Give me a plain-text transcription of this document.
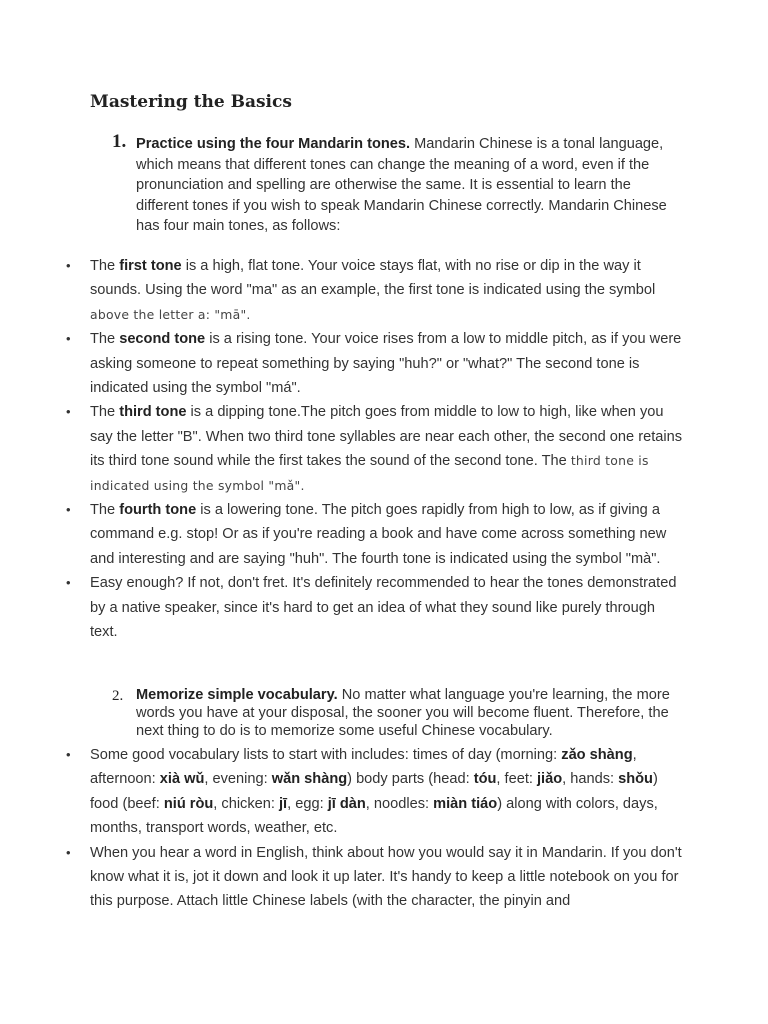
Mastering the Basics
1. Practice using the four Mandarin tones. Mandarin Chinese is a tonal language, which means that different tones can change the meaning of a word, even if the pronunciation and spelling are otherwise the same. It is essential to learn the different tones if you wish to speak Mandarin Chinese correctly. Mandarin Chinese has four main tones, as follows:
• The first tone is a high, flat tone. Your voice stays flat, with no rise or dip in the way it sounds. Using the word "ma" as an example, the first tone is indicated using the symbol above the letter a: "mā".
• The second tone is a rising tone. Your voice rises from a low to middle pitch, as if you were asking someone to repeat something by saying "huh?" or "what?" The second tone is indicated using the symbol "má".
• The third tone is a dipping tone.The pitch goes from middle to low to high, like when you say the letter "B". When two third tone syllables are near each other, the second one retains its third tone sound while the first takes the sound of the second tone. The third tone is indicated using the symbol "mǎ".
• The fourth tone is a lowering tone. The pitch goes rapidly from high to low, as if giving a command e.g. stop! Or as if you're reading a book and have come across something new and interesting and are saying "huh". The fourth tone is indicated using the symbol "mà".
• Easy enough? If not, don't fret. It's definitely recommended to hear the tones demonstrated by a native speaker, since it's hard to get an idea of what they sound like purely through text.
2. Memorize simple vocabulary. No matter what language you're learning, the more words you have at your disposal, the sooner you will become fluent. Therefore, the next thing to do is to memorize some useful Chinese vocabulary.
• Some good vocabulary lists to start with includes: times of day (morning: zǎo shàng, afternoon: xià wǔ, evening: wǎn shàng) body parts (head: tóu, feet: jiǎo, hands: shǒu) food (beef: niú ròu, chicken: jī, egg: jī dàn, noodles: miàn tiáo) along with colors, days, months, transport words, weather, etc.
• When you hear a word in English, think about how you would say it in Mandarin. If you don't know what it is, jot it down and look it up later. It's handy to keep a little notebook on you for this purpose. Attach little Chinese labels (with the character, the pinyin and
